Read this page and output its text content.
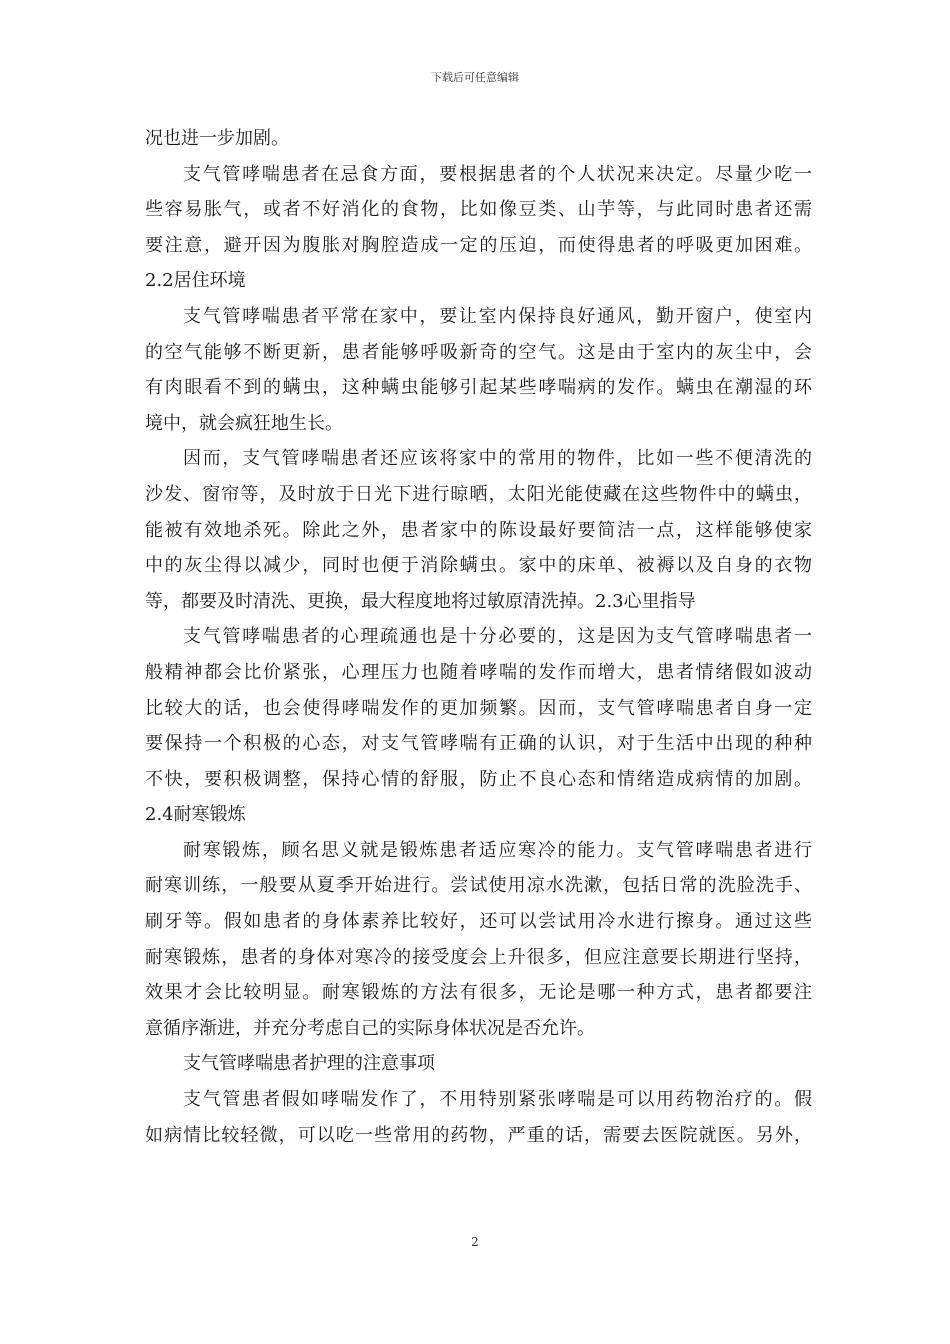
下载后可任意编辑
况也进一步加剧。
支气管哮喘患者在忌食方面，要根据患者的个人状况来决定。尽量少吃一
些容易胀气，或者不好消化的食物，比如像豆类、山芋等，与此同时患者还需
要注意，避开因为腹胀对胸腔造成一定的压迫，而使得患者的呼吸更加困难。
2.2居住环境
支气管哮喘患者平常在家中，要让室内保持良好通风，勤开窗户，使室内
的空气能够不断更新，患者能够呼吸新奇的空气。这是由于室内的灰尘中，会
有肉眼看不到的螨虫，这种螨虫能够引起某些哮喘病的发作。螨虫在潮湿的环
境中，就会疯狂地生长。
因而，支气管哮喘患者还应该将家中的常用的物件，比如一些不便清洗的
沙发、窗帘等，及时放于日光下进行晾晒，太阳光能使藏在这些物件中的螨虫，
能被有效地杀死。除此之外，患者家中的陈设最好要简洁一点，这样能够使家
中的灰尘得以减少，同时也便于消除螨虫。家中的床单、被褥以及自身的衣物
等，都要及时清洗、更换，最大程度地将过敏原清洗掉。2.3心里指导
支气管哮喘患者的心理疏通也是十分必要的，这是因为支气管哮喘患者一
般精神都会比价紧张，心理压力也随着哮喘的发作而增大，患者情绪假如波动
比较大的话，也会使得哮喘发作的更加频繁。因而，支气管哮喘患者自身一定
要保持一个积极的心态，对支气管哮喘有正确的认识，对于生活中出现的种种
不快，要积极调整，保持心情的舒服，防止不良心态和情绪造成病情的加剧。
2.4耐寒锻炼
耐寒锻炼，顾名思义就是锻炼患者适应寒冷的能力。支气管哮喘患者进行
耐寒训练，一般要从夏季开始进行。尝试使用凉水洗漱，包括日常的洗脸洗手、
刷牙等。假如患者的身体素养比较好，还可以尝试用冷水进行擦身。通过这些
耐寒锻炼，患者的身体对寒冷的接受度会上升很多，但应注意要长期进行坚持，
效果才会比较明显。耐寒锻炼的方法有很多，无论是哪一种方式，患者都要注
意循序渐进，并充分考虑自己的实际身体状况是否允许。
支气管哮喘患者护理的注意事项
支气管患者假如哮喘发作了，不用特别紧张哮喘是可以用药物治疗的。假
如病情比较轻微，可以吃一些常用的药物，严重的话，需要去医院就医。另外，
2
